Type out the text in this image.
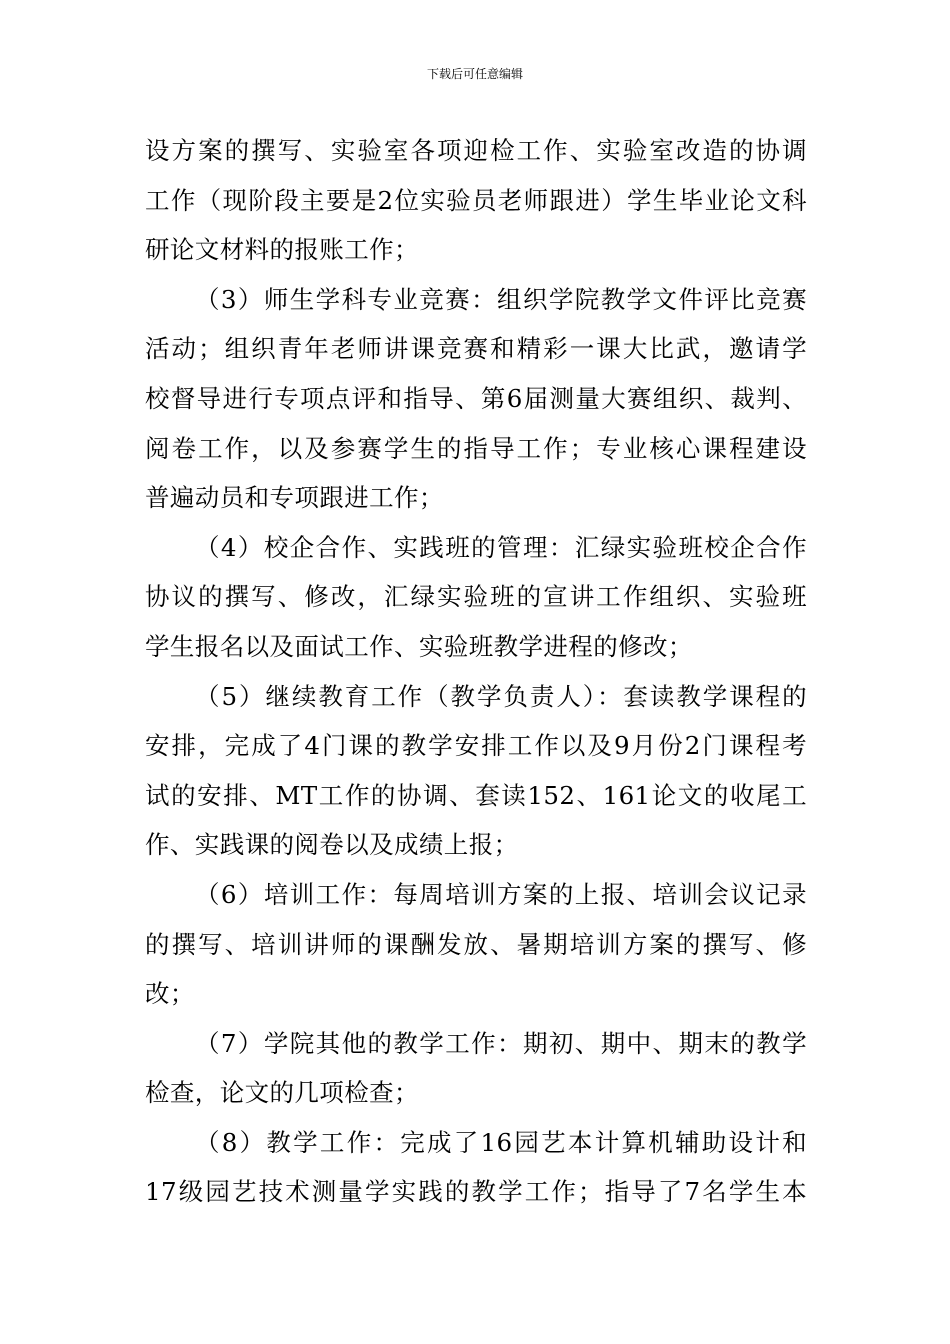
下载后可任意编辑
设方案的撰写、实验室各项迎检工作、实验室改造的协调
工作（现阶段主要是2位实验员老师跟进）学生毕业论文科
研论文材料的报账工作；
（3）师生学科专业竞赛：组织学院教学文件评比竞赛
活动；组织青年老师讲课竞赛和精彩一课大比武，邀请学
校督导进行专项点评和指导、第6届测量大赛组织、裁判、
阅卷工作，以及参赛学生的指导工作；专业核心课程建设
普遍动员和专项跟进工作；
（4）校企合作、实践班的管理：汇绿实验班校企合作
协议的撰写、修改，汇绿实验班的宣讲工作组织、实验班
学生报名以及面试工作、实验班教学进程的修改；
（5）继续教育工作（教学负责人）：套读教学课程的
安排，完成了4门课的教学安排工作以及9月份2门课程考
试的安排、MT工作的协调、套读152、161论文的收尾工
作、实践课的阅卷以及成绩上报；
（6）培训工作：每周培训方案的上报、培训会议记录
的撰写、培训讲师的课酬发放、暑期培训方案的撰写、修
改；
（7）学院其他的教学工作：期初、期中、期末的教学
检查，论文的几项检查；
（8）教学工作：完成了16园艺本计算机辅助设计和
17级园艺技术测量学实践的教学工作；指导了7名学生本
